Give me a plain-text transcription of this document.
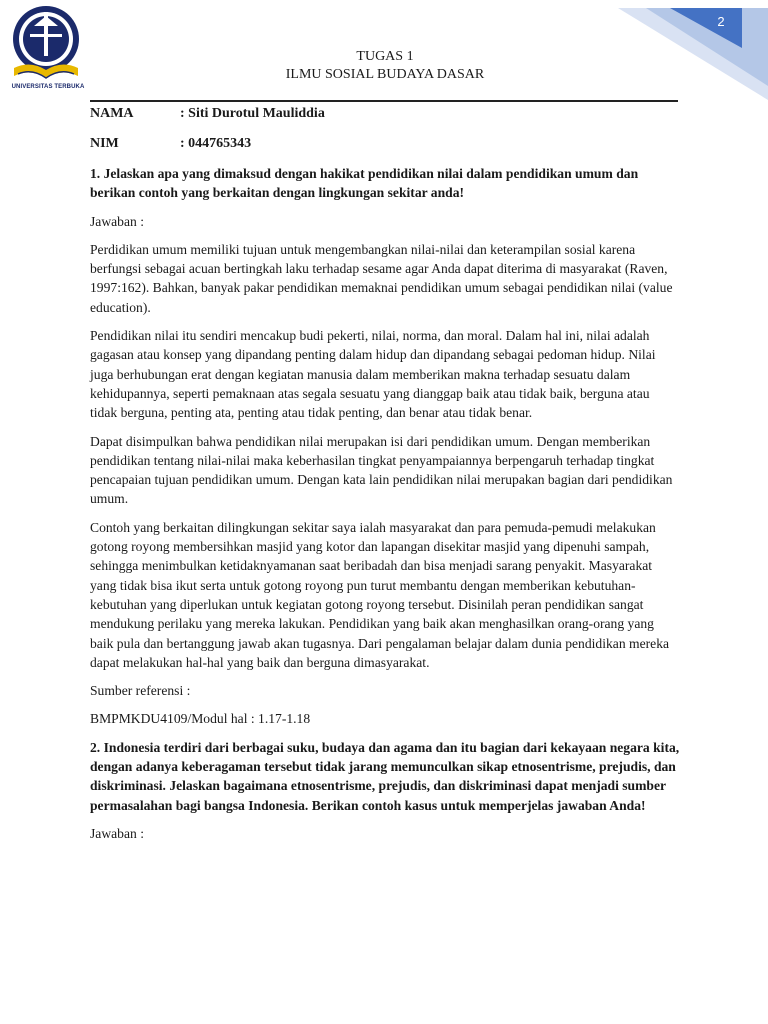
UNIVERSITAS TERBUKA
2
TUGAS 1
ILMU SOSIAL BUDAYA DASAR
NAMA	: Siti Durotul Mauliddia
NIM	: 044765343

1. Jelaskan apa yang dimaksud dengan hakikat pendidikan nilai dalam pendidikan umum dan berikan contoh yang berkaitan dengan lingkungan sekitar anda!

Jawaban :

Perdidikan umum memiliki tujuan untuk mengembangkan nilai-nilai dan keterampilan sosial karena berfungsi sebagai acuan bertingkah laku terhadap sesame agar Anda dapat diterima di masyarakat (Raven, 1997:162). Bahkan, banyak pakar pendidikan memaknai pendidikan umum sebagai pendidikan nilai (value education).

Pendidikan nilai itu sendiri mencakup budi pekerti, nilai, norma, dan moral. Dalam hal ini, nilai adalah gagasan atau konsep yang dipandang penting dalam hidup dan dipandang sebagai pedoman hidup. Nilai juga berhubungan erat dengan kegiatan manusia dalam memberikan makna terhadap sesuatu dalam kehidupannya, seperti pemaknaan atas segala sesuatu yang dianggap baik atau tidak baik, berguna atau tidak berguna, penting ata, penting atau tidak penting, dan benar atau tidak benar.

Dapat disimpulkan bahwa pendidikan nilai merupakan isi dari pendidikan umum. Dengan memberikan pendidikan tentang nilai-nilai maka keberhasilan tingkat penyampaiannya berpengaruh terhadap tingkat pencapaian tujuan pendidikan umum. Dengan kata lain pendidikan nilai merupakan bagian dari pendidikan umum.

Contoh yang berkaitan dilingkungan sekitar saya ialah masyarakat dan para pemuda-pemudi melakukan gotong royong membersihkan masjid yang kotor dan lapangan disekitar masjid yang dipenuhi sampah, sehingga menimbulkan ketidaknyamanan saat beribadah dan bisa menjadi sarang penyakit. Masyarakat yang tidak bisa ikut serta untuk gotong royong pun turut membantu dengan memberikan kebutuhan-kebutuhan yang diperlukan untuk kegiatan gotong royong tersebut. Disinilah peran pendidikan sangat mendukung perilaku yang mereka lakukan. Pendidikan yang baik akan menghasilkan orang-orang yang baik pula dan bertanggung jawab akan tugasnya. Dari pengalaman belajar dalam dunia pendidikan mereka dapat melakukan hal-hal yang baik dan berguna dimasyarakat.

Sumber referensi :

BMPMKDU4109/Modul hal : 1.17-1.18

2. Indonesia terdiri dari berbagai suku, budaya dan agama dan itu bagian dari kekayaan negara kita, dengan adanya keberagaman tersebut tidak jarang memunculkan sikap etnosentrisme, prejudis, dan diskriminasi. Jelaskan bagaimana etnosentrisme, prejudis, dan diskriminasi dapat menjadi sumber permasalahan bagi bangsa Indonesia. Berikan contoh kasus untuk memperjelas jawaban Anda!

Jawaban :
